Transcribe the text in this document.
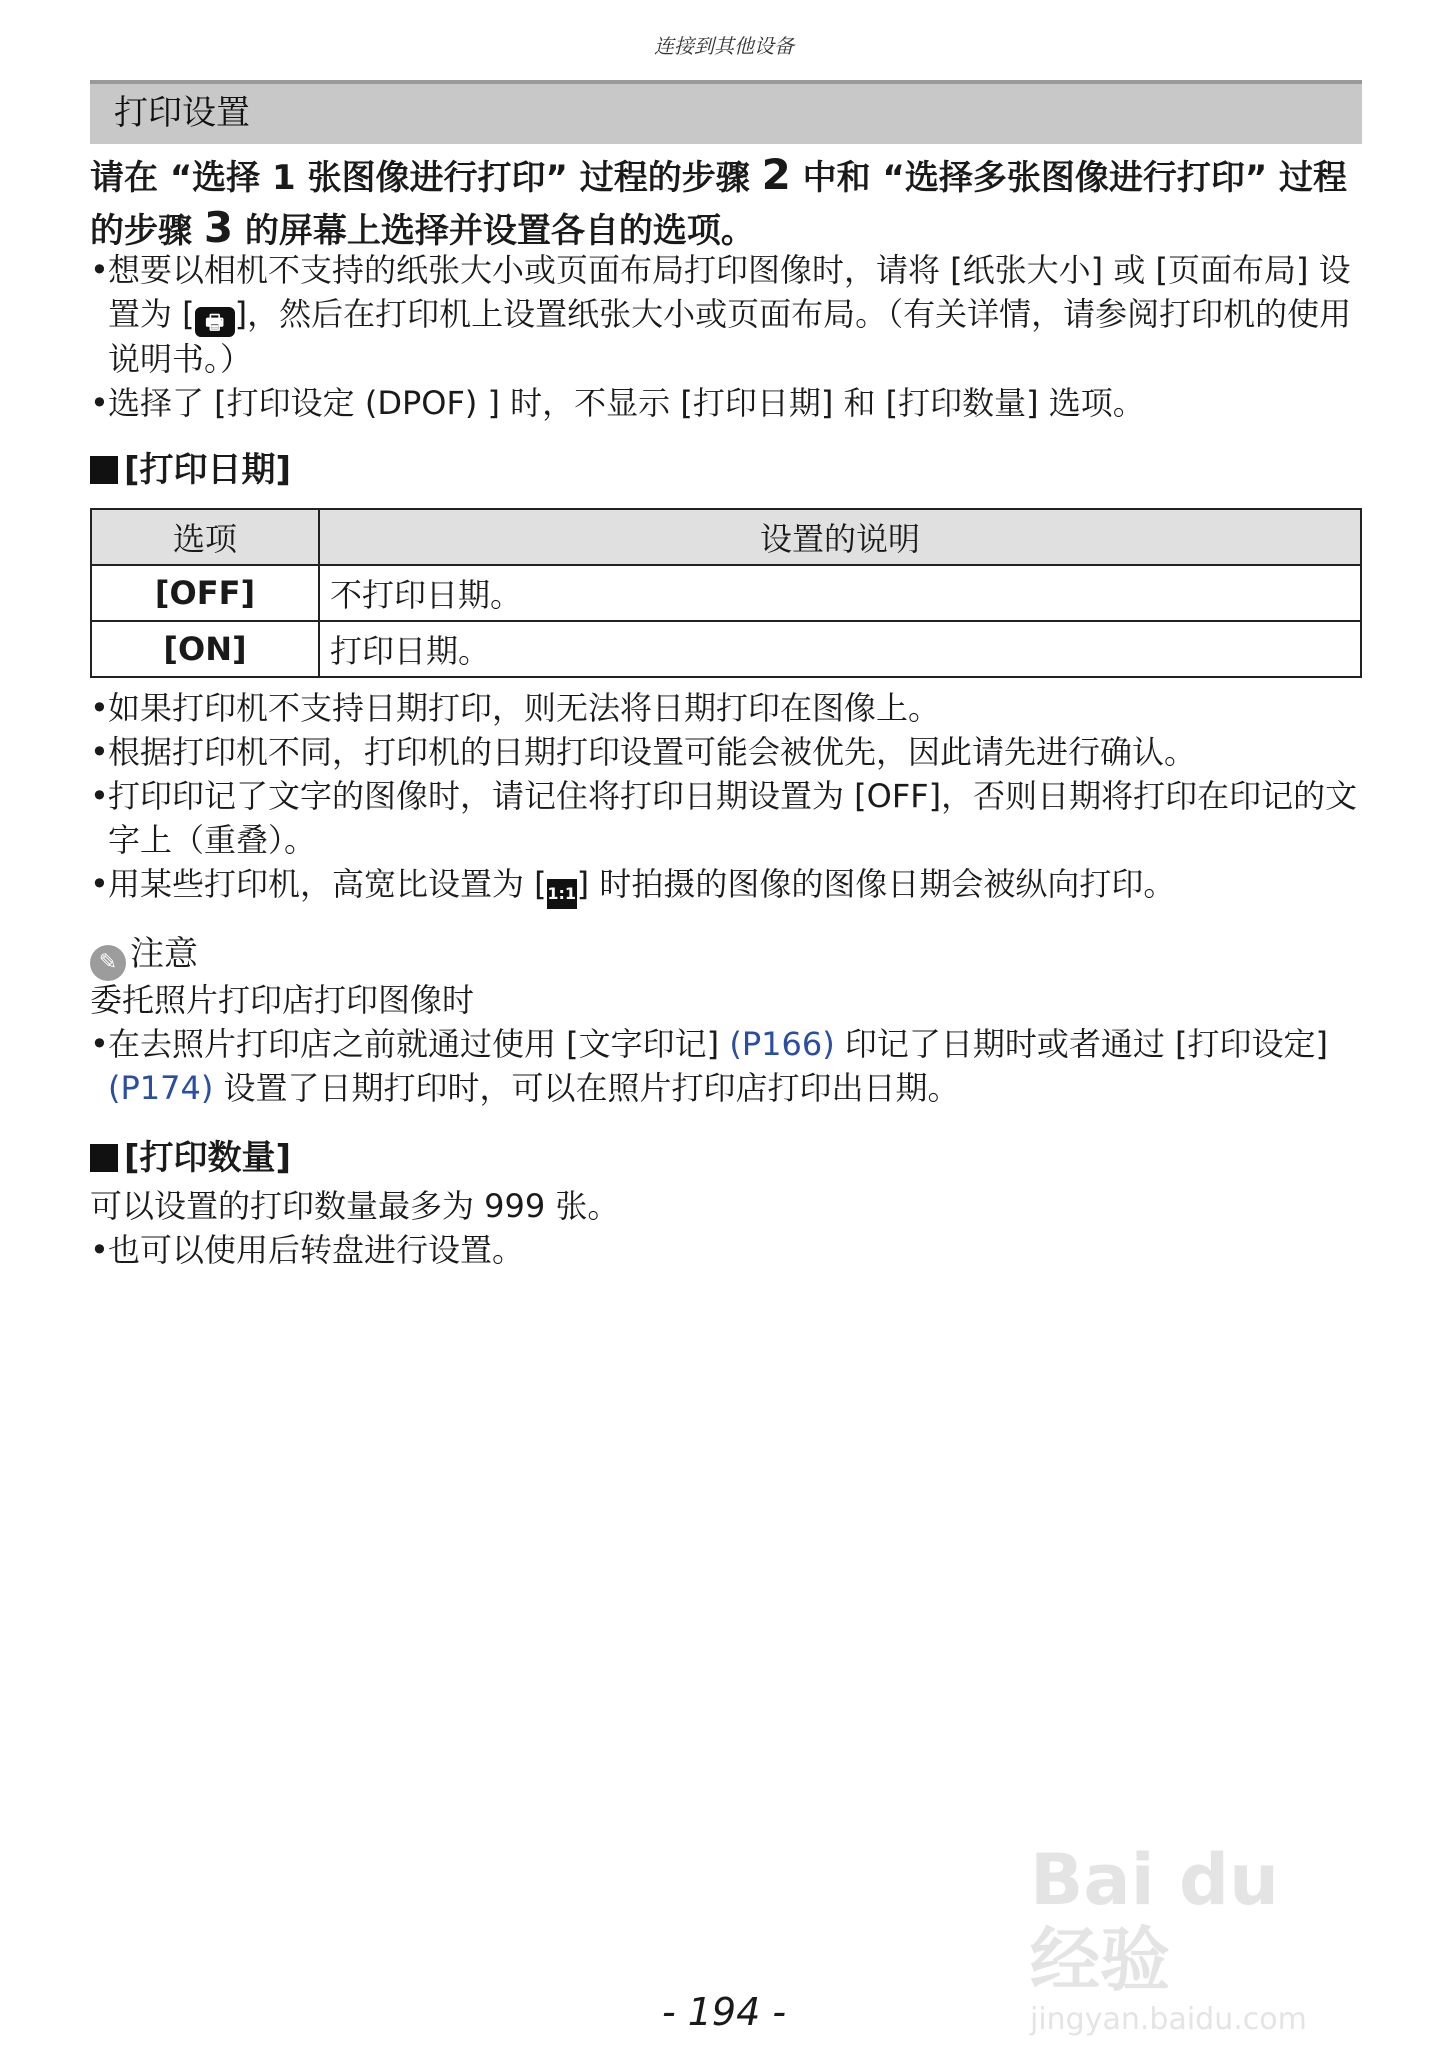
连接到其他设备
打印设置
请在 “选择 1 张图像进行打印” 过程的步骤 2 中和 “选择多张图像进行打印” 过程的步骤 3 的屏幕上选择并设置各自的选项。
• 想要以相机不支持的纸张大小或页面布局打印图像时，请将 [纸张大小] 或 [页面布局] 设置为 [ 🖶 ]，然后在打印机上设置纸张大小或页面布局。（有关详情，请参阅打印机的使用说明书。）
• 选择了 [打印设定 (DPOF) ] 时，不显示 [打印日期] 和 [打印数量] 选项。
[打印日期]
选项	设置的说明
[OFF]	不打印日期。
[ON]	打印日期。
• 如果打印机不支持日期打印，则无法将日期打印在图像上。
• 根据打印机不同，打印机的日期打印设置可能会被优先，因此请先进行确认。
• 打印印记了文字的图像时，请记住将打印日期设置为 [OFF]，否则日期将打印在印记的文字上（重叠）。
• 用某些打印机，高宽比设置为 [1:1] 时拍摄的图像的图像日期会被纵向打印。
✎ 注意
委托照片打印店打印图像时
• 在去照片打印店之前就通过使用 [文字印记] (P166) 印记了日期时或者通过 [打印设定] (P174) 设置了日期打印时，可以在照片打印店打印出日期。
[打印数量]
可以设置的打印数量最多为 999 张。
• 也可以使用后转盘进行设置。
Bai du 经验
jingyan.baidu.com
- 194 -
